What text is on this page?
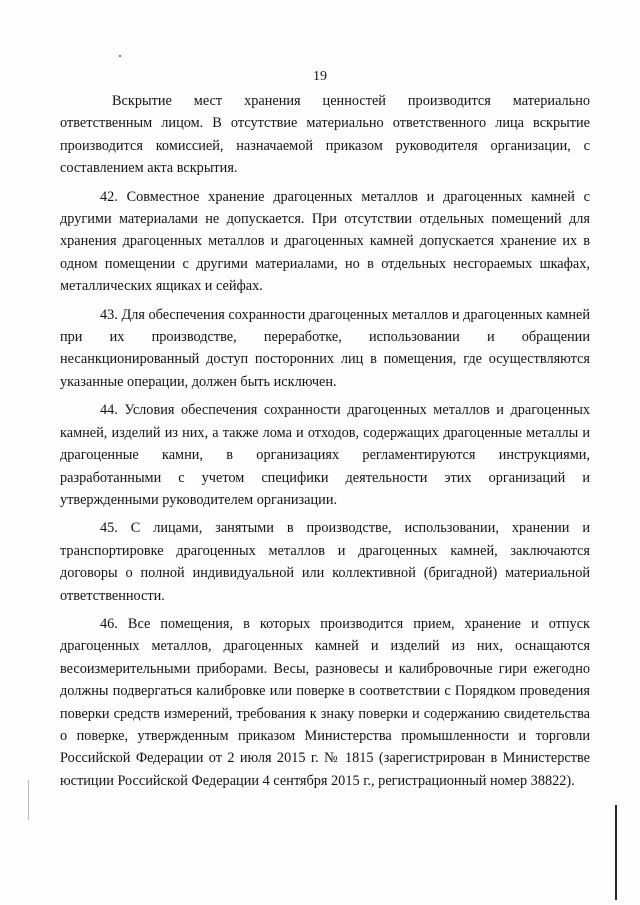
19

Вскрытие мест хранения ценностей производится материально ответственным лицом. В отсутствие материально ответственного лица вскрытие производится комиссией, назначаемой приказом руководителя организации, с составлением акта вскрытия.

42. Совместное хранение драгоценных металлов и драгоценных камней с другими материалами не допускается. При отсутствии отдельных помещений для хранения драгоценных металлов и драгоценных камней допускается хранение их в одном помещении с другими материалами, но в отдельных несгораемых шкафах, металлических ящиках и сейфах.

43. Для обеспечения сохранности драгоценных металлов и драгоценных камней при их производстве, переработке, использовании и обращении несанкционированный доступ посторонних лиц в помещения, где осуществляются указанные операции, должен быть исключен.

44. Условия обеспечения сохранности драгоценных металлов и драгоценных камней, изделий из них, а также лома и отходов, содержащих драгоценные металлы и драгоценные камни, в организациях регламентируются инструкциями, разработанными с учетом специфики деятельности этих организаций и утвержденными руководителем организации.

45. С лицами, занятыми в производстве, использовании, хранении и транспортировке драгоценных металлов и драгоценных камней, заключаются договоры о полной индивидуальной или коллективной (бригадной) материальной ответственности.

46. Все помещения, в которых производится прием, хранение и отпуск драгоценных металлов, драгоценных камней и изделий из них, оснащаются весоизмерительными приборами. Весы, разновесы и калибровочные гири ежегодно должны подвергаться калибровке или поверке в соответствии с Порядком проведения поверки средств измерений, требования к знаку поверки и содержанию свидетельства о поверке, утвержденным приказом Министерства промышленности и торговли Российской Федерации от 2 июля 2015 г. № 1815 (зарегистрирован в Министерстве юстиции Российской Федерации 4 сентября 2015 г., регистрационный номер 38822).
